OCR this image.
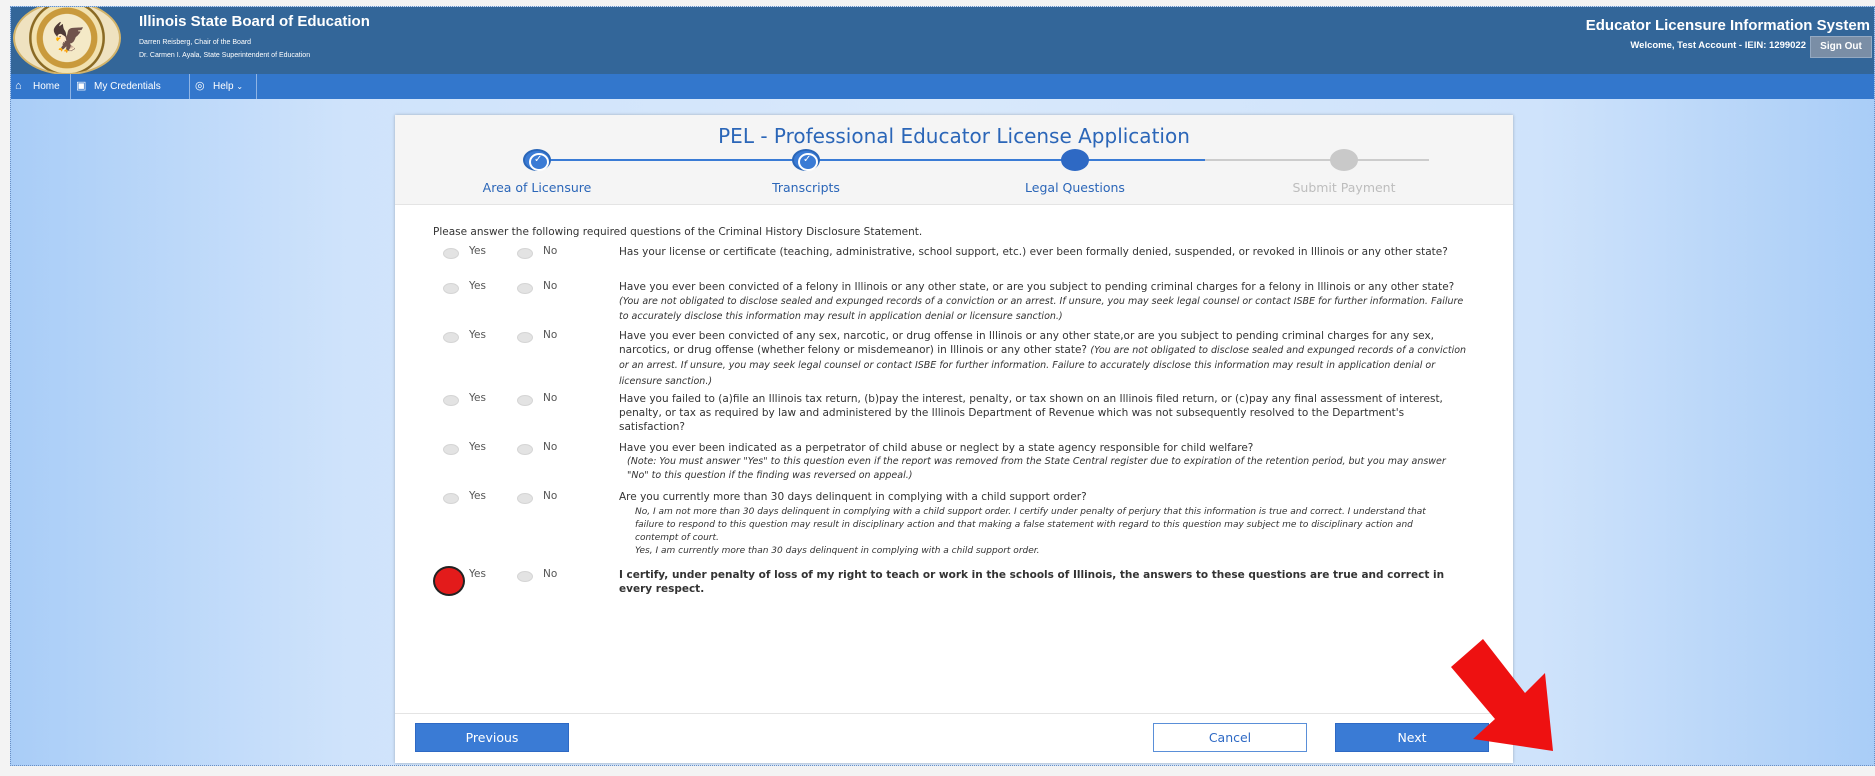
🦅	Illinois State Board of Education
Darren Reisberg, Chair of the Board
Dr. Carmen I. Ayala, State Superintendent of Education
Educator Licensure Information System
Welcome, Test Account - IEIN: 1299022	Sign Out
⌂ Home	▣ My Credentials	◎ Help ⌄
PEL - Professional Educator License Application
✓	✓
Area of Licensure	Transcripts	Legal Questions	Submit Payment
Please answer the following required questions of the Criminal History Disclosure Statement.
Yes	No	Has your license or certificate (teaching, administrative, school support, etc.) ever been formally denied, suspended, or revoked in Illinois or any other state?
Yes	No	Have you ever been convicted of a felony in Illinois or any other state, or are you subject to pending criminal charges for a felony in Illinois or any other state? (You are not obligated to disclose sealed and expunged records of a conviction or an arrest. If unsure, you may seek legal counsel or contact ISBE for further information. Failure to accurately disclose this information may result in application denial or licensure sanction.)
Yes	No	Have you ever been convicted of any sex, narcotic, or drug offense in Illinois or any other state,or are you subject to pending criminal charges for any sex, narcotics, or drug offense (whether felony or misdemeanor) in Illinois or any other state? (You are not obligated to disclose sealed and expunged records of a conviction or an arrest. If unsure, you may seek legal counsel or contact ISBE for further information. Failure to accurately disclose this information may result in application denial or licensure sanction.)
Yes	No	Have you failed to (a)file an Illinois tax return, (b)pay the interest, penalty, or tax shown on an Illinois filed return, or (c)pay any final assessment of interest, penalty, or tax as required by law and administered by the Illinois Department of Revenue which was not subsequently resolved to the Department's satisfaction?
Yes	No	Have you ever been indicated as a perpetrator of child abuse or neglect by a state agency responsible for child welfare?
(Note: You must answer "Yes" to this question even if the report was removed from the State Central register due to expiration of the retention period, but you may answer "No" to this question if the finding was reversed on appeal.)
Yes	No	Are you currently more than 30 days delinquent in complying with a child support order?
No, I am not more than 30 days delinquent in complying with a child support order. I certify under penalty of perjury that this information is true and correct. I understand that failure to respond to this question may result in disciplinary action and that making a false statement with regard to this question may subject me to disciplinary action and contempt of court.
Yes, I am currently more than 30 days delinquent in complying with a child support order.
Yes	No	I certify, under penalty of loss of my right to teach or work in the schools of Illinois, the answers to these questions are true and correct in every respect.
Previous	Cancel	Next
